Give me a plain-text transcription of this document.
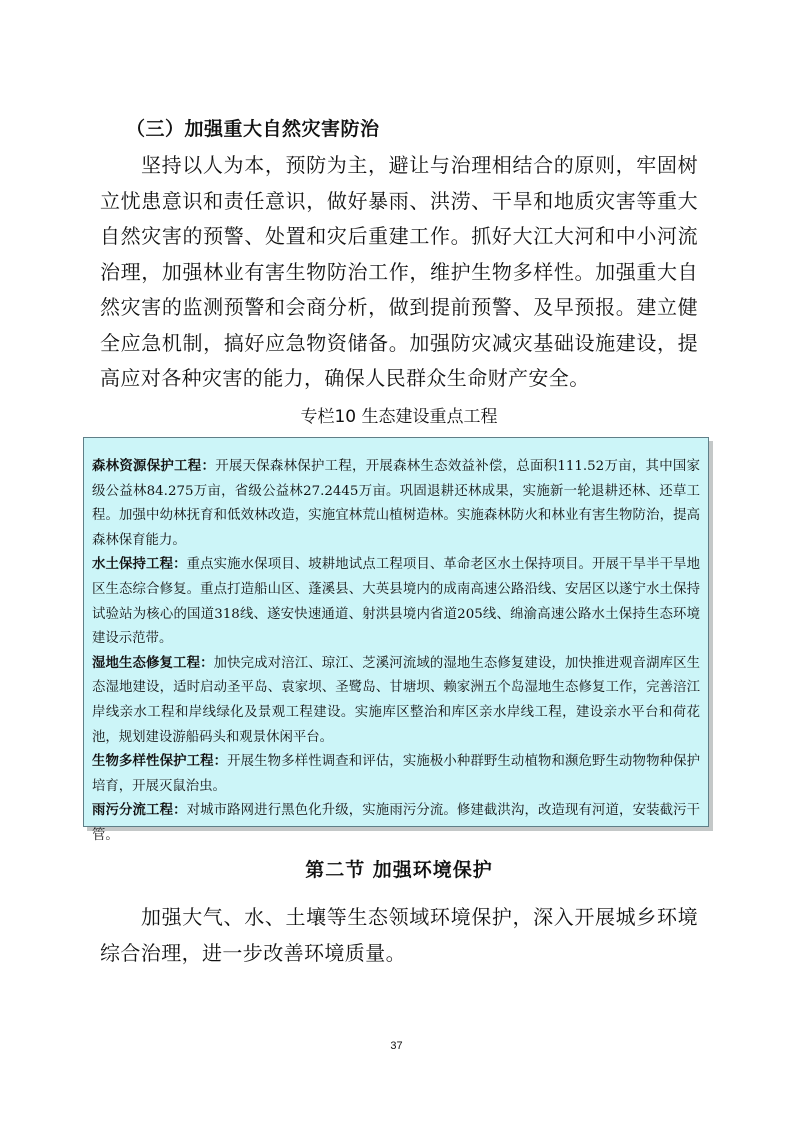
（三）加强重大自然灾害防治

坚持以人为本，预防为主，避让与治理相结合的原则，牢固树立忧患意识和责任意识，做好暴雨、洪涝、干旱和地质灾害等重大自然灾害的预警、处置和灾后重建工作。抓好大江大河和中小河流治理，加强林业有害生物防治工作，维护生物多样性。加强重大自然灾害的监测预警和会商分析，做到提前预警、及早预报。建立健全应急机制，搞好应急物资储备。加强防灾减灾基础设施建设，提高应对各种灾害的能力，确保人民群众生命财产安全。

专栏10 生态建设重点工程

森林资源保护工程：开展天保森林保护工程，开展森林生态效益补偿，总面积111.52万亩，其中国家级公益林84.275万亩，省级公益林27.2445万亩。巩固退耕还林成果，实施新一轮退耕还林、还草工程。加强中幼林抚育和低效林改造，实施宜林荒山植树造林。实施森林防火和林业有害生物防治，提高森林保育能力。

水土保持工程：重点实施水保项目、坡耕地试点工程项目、革命老区水土保持项目。开展干旱半干旱地区生态综合修复。重点打造船山区、蓬溪县、大英县境内的成南高速公路沿线、安居区以遂宁水土保持试验站为核心的国道318线、遂安快速通道、射洪县境内省道205线、绵渝高速公路水土保持生态环境建设示范带。

湿地生态修复工程：加快完成对涪江、琼江、芝溪河流域的湿地生态修复建设，加快推进观音湖库区生态湿地建设，适时启动圣平岛、袁家坝、圣鹭岛、甘塘坝、赖家洲五个岛湿地生态修复工作，完善涪江岸线亲水工程和岸线绿化及景观工程建设。实施库区整治和库区亲水岸线工程，建设亲水平台和荷花池，规划建设游船码头和观景休闲平台。

生物多样性保护工程：开展生物多样性调查和评估，实施极小种群野生动植物和濒危野生动物物种保护培育，开展灭鼠治虫。

雨污分流工程：对城市路网进行黑色化升级，实施雨污分流。修建截洪沟，改造现有河道，安装截污干管。

第二节 加强环境保护

加强大气、水、土壤等生态领域环境保护，深入开展城乡环境综合治理，进一步改善环境质量。

37
